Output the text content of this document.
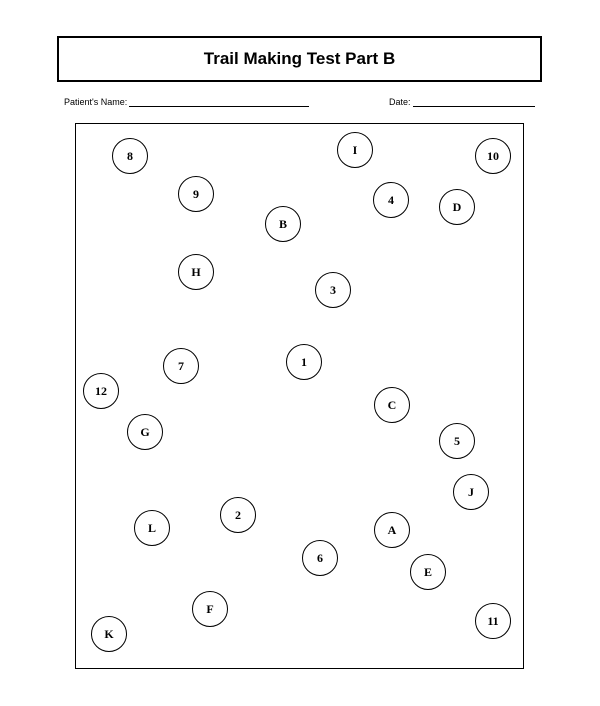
Trail Making Test Part B
Patient's Name:	Date:
8	I	10
9	4	D
B
H
3
1
7
12
C
G
5
J
2
L	A
6
E
F
11
K
